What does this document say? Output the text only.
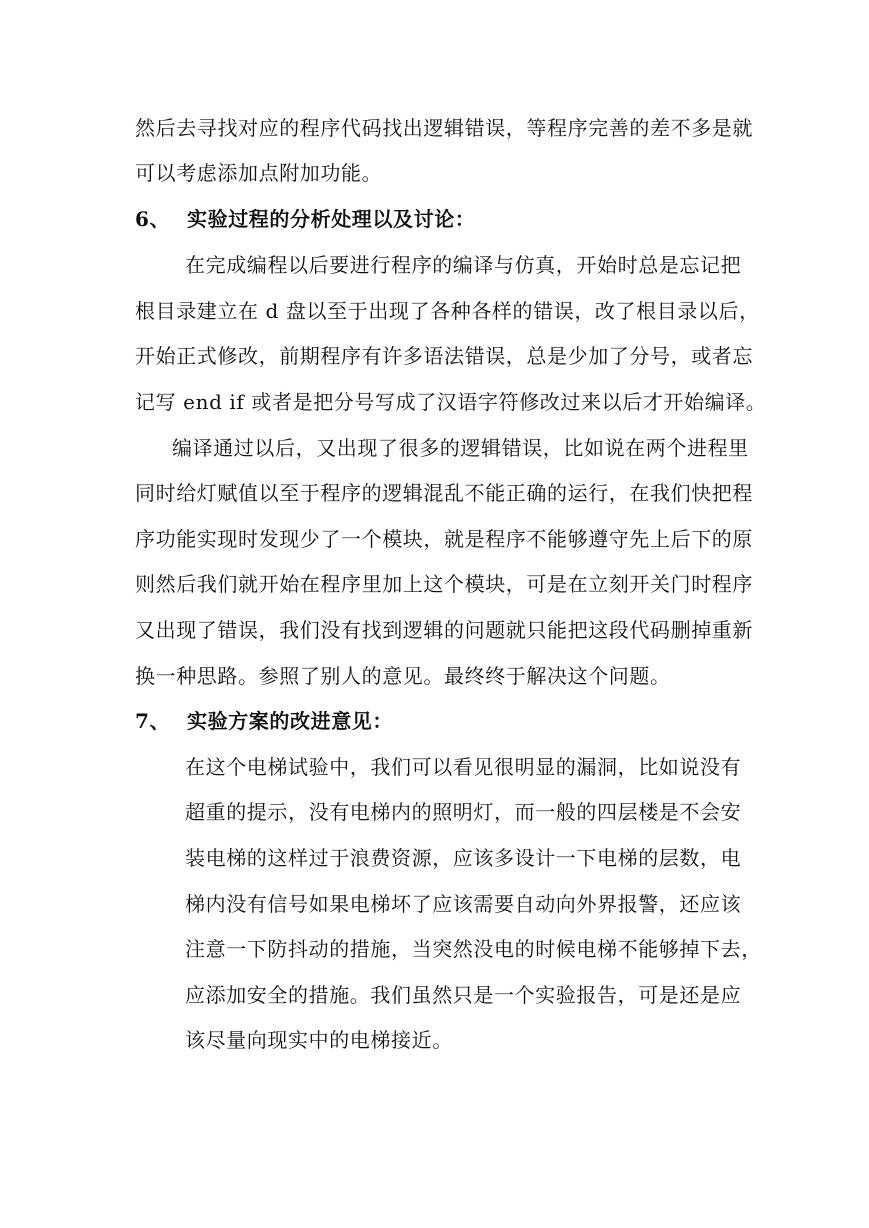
然后去寻找对应的程序代码找出逻辑错误，等程序完善的差不多是就
可以考虑添加点附加功能。
6、 实验过程的分析处理以及讨论：
在完成编程以后要进行程序的编译与仿真，开始时总是忘记把
根目录建立在 d 盘以至于出现了各种各样的错误，改了根目录以后，
开始正式修改，前期程序有许多语法错误，总是少加了分号，或者忘
记写 end if 或者是把分号写成了汉语字符修改过来以后才开始编译。
编译通过以后，又出现了很多的逻辑错误，比如说在两个进程里
同时给灯赋值以至于程序的逻辑混乱不能正确的运行，在我们快把程
序功能实现时发现少了一个模块，就是程序不能够遵守先上后下的原
则然后我们就开始在程序里加上这个模块，可是在立刻开关门时程序
又出现了错误，我们没有找到逻辑的问题就只能把这段代码删掉重新
换一种思路。参照了别人的意见。最终终于解决这个问题。
7、 实验方案的改进意见：
在这个电梯试验中，我们可以看见很明显的漏洞，比如说没有
超重的提示，没有电梯内的照明灯，而一般的四层楼是不会安
装电梯的这样过于浪费资源，应该多设计一下电梯的层数，电
梯内没有信号如果电梯坏了应该需要自动向外界报警，还应该
注意一下防抖动的措施，当突然没电的时候电梯不能够掉下去，
应添加安全的措施。我们虽然只是一个实验报告，可是还是应
该尽量向现实中的电梯接近。
